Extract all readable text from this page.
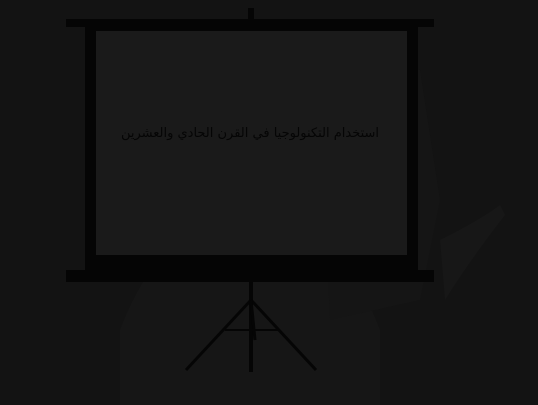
استخدام التكنولوجيا في القرن الحادي والعشرين
